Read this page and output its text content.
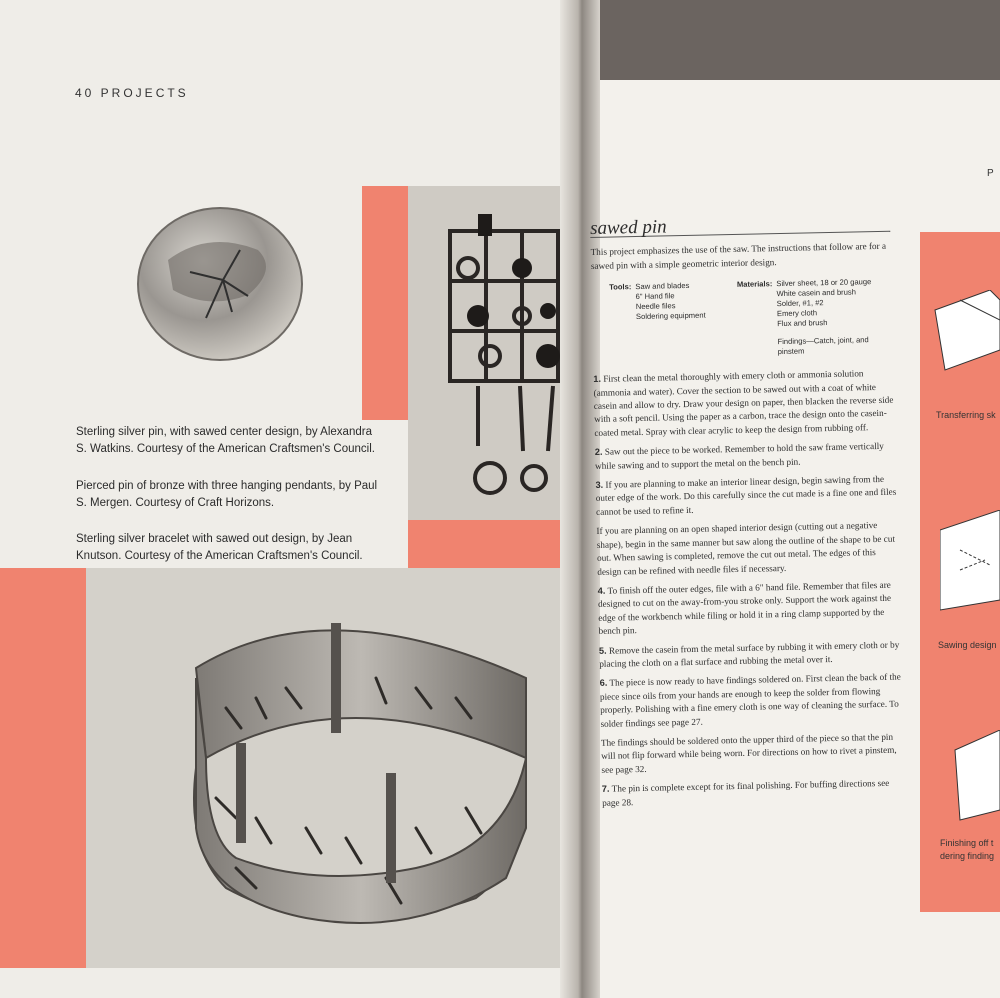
40 PROJECTS
Sterling silver pin, with sawed center design, by Alexandra S. Watkins. Courtesy of the American Craftsmen's Council.
Pierced pin of bronze with three hanging pendants, by Paul S. Mergen. Courtesy of Craft Horizons.
Sterling silver bracelet with sawed out design, by Jean Knutson. Courtesy of the American Craftsmen's Council.
P
Transferring sk
Sawing design
Finishing off t
dering finding
sawed pin

This project emphasizes the use of the saw. The instructions that follow are for a sawed pin with a simple geometric interior design.

Tools: Saw and blades
6" Hand file
Needle files
Soldering equipment
Materials: Silver sheet, 18 or 20 gauge
White casein and brush
Solder, #1, #2
Emery cloth
Flux and brush
Findings—Catch, joint, and pinstem

1. First clean the metal thoroughly with emery cloth or ammonia solution (ammonia and water). Cover the section to be sawed out with a coat of white casein and allow to dry. Draw your design on paper, then blacken the reverse side with a soft pencil. Using the paper as a carbon, trace the design onto the casein-coated metal. Spray with clear acrylic to keep the design from rubbing off.

2. Saw out the piece to be worked. Remember to hold the saw frame vertically while sawing and to support the metal on the bench pin.

3. If you are planning to make an interior linear design, begin sawing from the outer edge of the work. Do this carefully since the cut made is a fine one and files cannot be used to refine it.

If you are planning on an open shaped interior design (cutting out a negative shape), begin in the same manner but saw along the outline of the shape to be cut out. When sawing is completed, remove the cut out metal. The edges of this design can be refined with needle files if necessary.

4. To finish off the outer edges, file with a 6" hand file. Remember that files are designed to cut on the away-from-you stroke only. Support the work against the edge of the workbench while filing or hold it in a ring clamp supported by the bench pin.

5. Remove the casein from the metal surface by rubbing it with emery cloth or by placing the cloth on a flat surface and rubbing the metal over it.

6. The piece is now ready to have findings soldered on. First clean the back of the piece since oils from your hands are enough to keep the solder from flowing properly. Polishing with a fine emery cloth is one way of cleaning the surface. To solder findings see page 27.

The findings should be soldered onto the upper third of the piece so that the pin will not flip forward while being worn. For directions on how to rivet a pinstem, see page 32.

7. The pin is complete except for its final polishing. For buffing directions see page 28.
